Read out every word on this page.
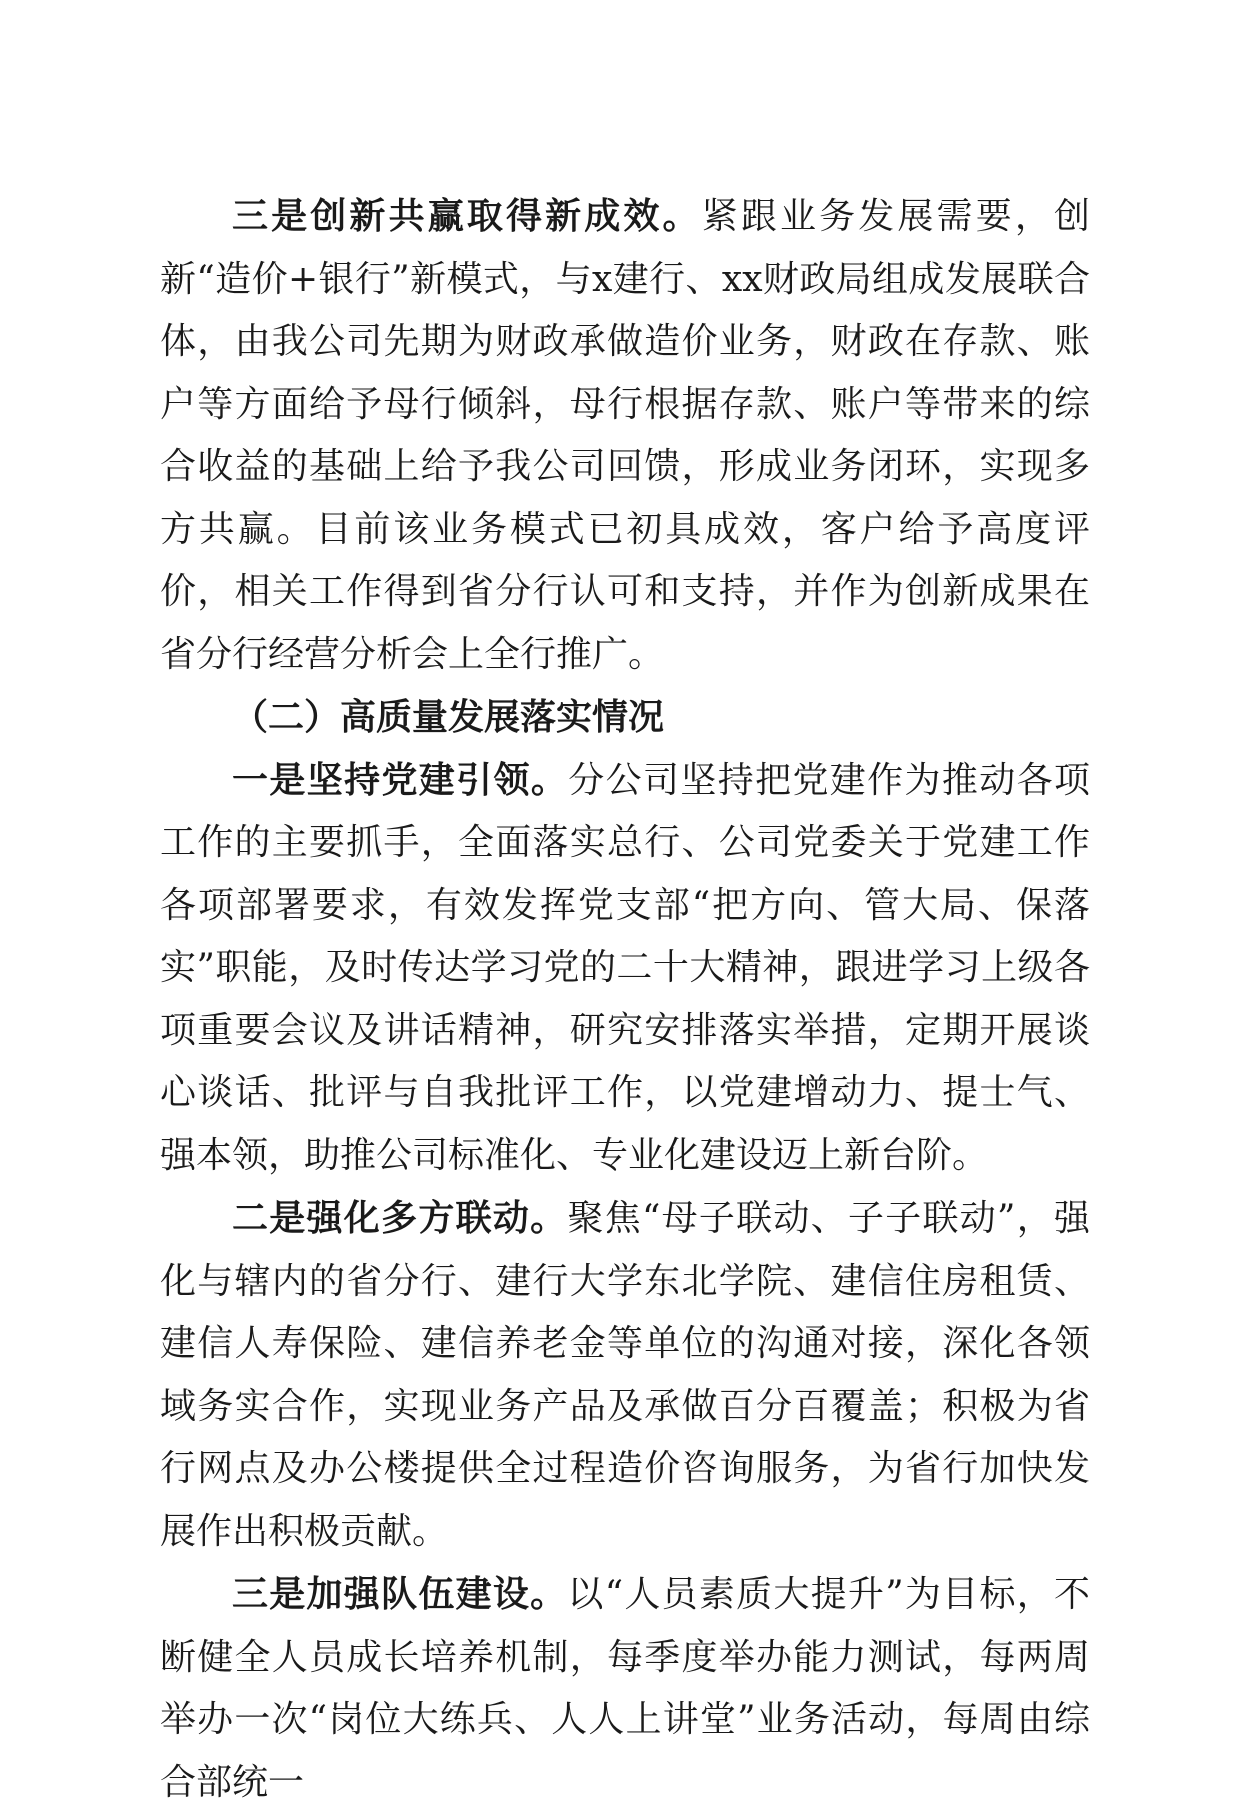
三是创新共赢取得新成效。紧跟业务发展需要，创新“造价+银行”新模式，与x建行、xx财政局组成发展联合体，由我公司先期为财政承做造价业务，财政在存款、账户等方面给予母行倾斜，母行根据存款、账户等带来的综合收益的基础上给予我公司回馈，形成业务闭环，实现多方共赢。目前该业务模式已初具成效，客户给予高度评价，相关工作得到省分行认可和支持，并作为创新成果在省分行经营分析会上全行推广。

（二）高质量发展落实情况

一是坚持党建引领。分公司坚持把党建作为推动各项工作的主要抓手，全面落实总行、公司党委关于党建工作各项部署要求，有效发挥党支部“把方向、管大局、保落实”职能，及时传达学习党的二十大精神，跟进学习上级各项重要会议及讲话精神，研究安排落实举措，定期开展谈心谈话、批评与自我批评工作，以党建增动力、提士气、强本领，助推公司标准化、专业化建设迈上新台阶。

二是强化多方联动。聚焦“母子联动、子子联动”，强化与辖内的省分行、建行大学东北学院、建信住房租赁、建信人寿保险、建信养老金等单位的沟通对接，深化各领域务实合作，实现业务产品及承做百分百覆盖；积极为省行网点及办公楼提供全过程造价咨询服务，为省行加快发展作出积极贡献。

三是加强队伍建设。以“人员素质大提升”为目标，不断健全人员成长培养机制，每季度举办能力测试，每两周举办一次“岗位大练兵、人人上讲堂”业务活动，每周由综合部统一
